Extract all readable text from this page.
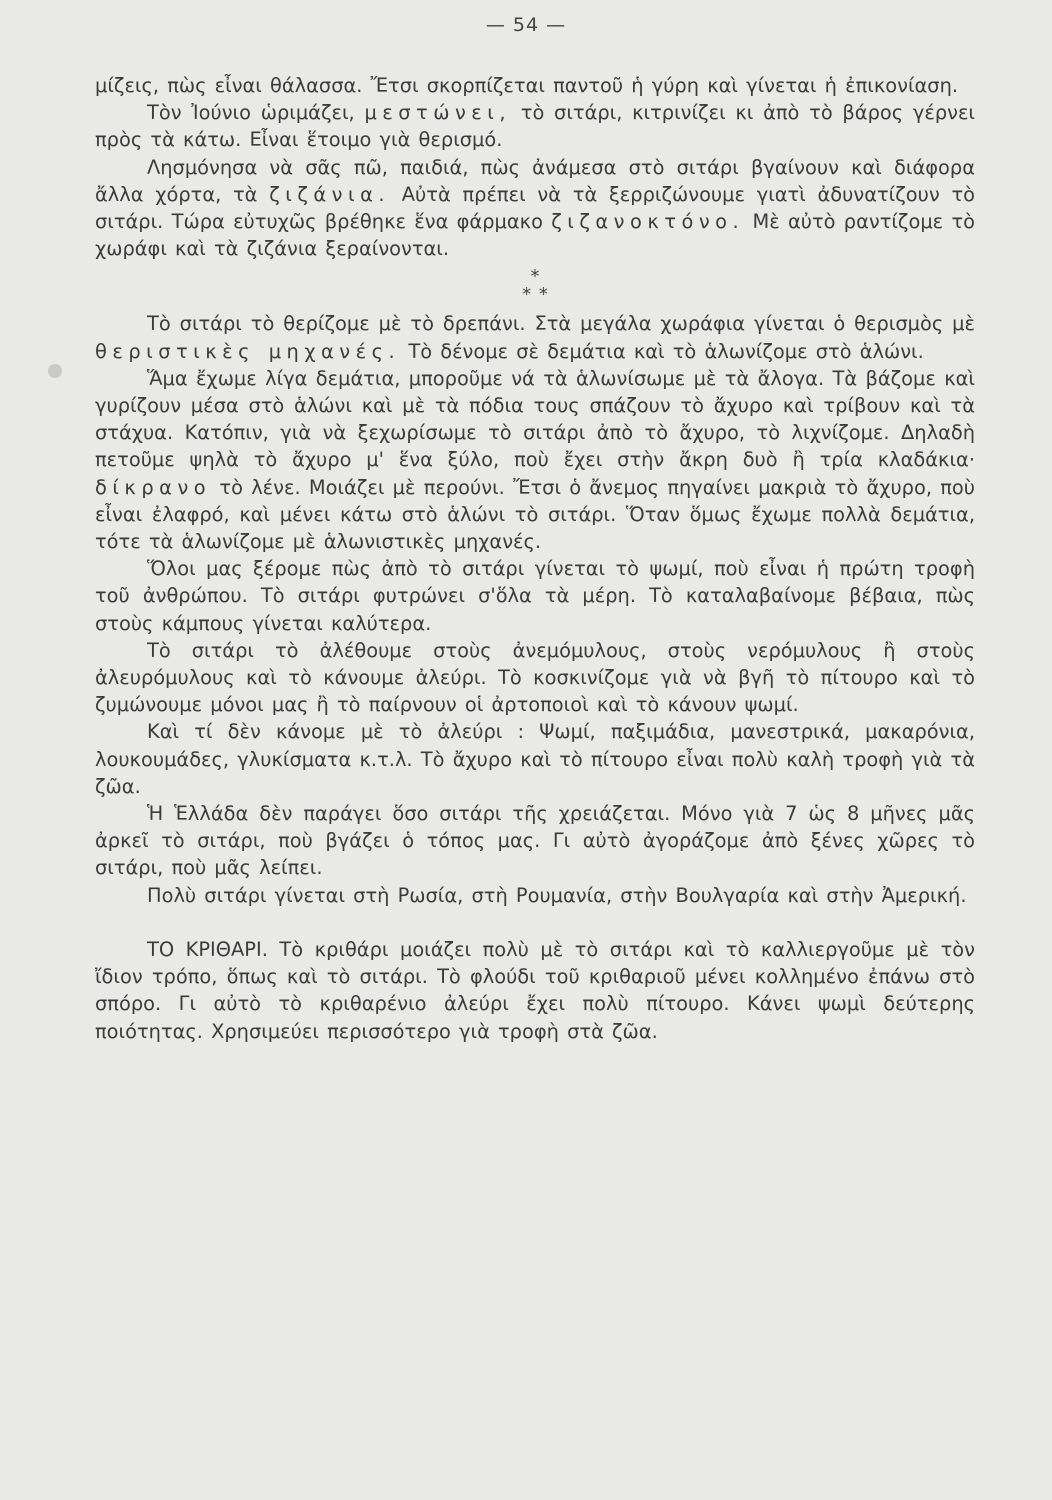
— 54 —

μίζεις, πὼς εἶναι θάλασσα. Ἔτσι σκορπίζεται παντοῦ ἡ γύρη καὶ γίνεται ἡ ἐπικονίαση.

Τὸν Ἰούνιο ὡριμάζει, μεστώνει, τὸ σιτάρι, κιτρινίζει κι ἀπὸ τὸ βάρος γέρνει πρὸς τὰ κάτω. Εἶναι ἕτοιμο γιὰ θερισμό.

Λησμόνησα νὰ σᾶς πῶ, παιδιά, πὼς ἀνάμεσα στὸ σιτάρι βγαίνουν καὶ διάφορα ἄλλα χόρτα, τὰ ζιζάνια. Αὐτὰ πρέπει νὰ τὰ ξερριζώνουμε γιατὶ ἀδυνατίζουν τὸ σιτάρι. Τώρα εὐτυχῶς βρέθηκε ἕνα φάρμακο ζιζανοκτόνο. Μὲ αὐτὸ ραντίζομε τὸ χωράφι καὶ τὰ ζιζάνια ξεραίνονται.

*
* *

Τὸ σιτάρι τὸ θερίζομε μὲ τὸ δρεπάνι. Στὰ μεγάλα χωράφια γίνεται ὁ θερισμὸς μὲ θεριστικὲς μηχανές. Τὸ δένομε σὲ δεμάτια καὶ τὸ ἁλωνίζομε στὸ ἁλώνι.

Ἅμα ἔχωμε λίγα δεμάτια, μποροῦμε νά τὰ ἁλωνίσωμε μὲ τὰ ἄλογα. Τὰ βάζομε καὶ γυρίζουν μέσα στὸ ἁλώνι καὶ μὲ τὰ πόδια τους σπάζουν τὸ ἄχυρο καὶ τρίβουν καὶ τὰ στάχυα. Κατόπιν, γιὰ νὰ ξεχωρίσωμε τὸ σιτάρι ἀπὸ τὸ ἄχυρο, τὸ λιχνίζομε. Δηλαδὴ πετοῦμε ψηλὰ τὸ ἄχυρο μ' ἕνα ξύλο, ποὺ ἔχει στὴν ἄκρη δυὸ ἢ τρία κλαδάκια· δίκρανο τὸ λένε. Μοιάζει μὲ περούνι. Ἔτσι ὁ ἄνεμος πηγαίνει μακριὰ τὸ ἄχυρο, ποὺ εἶναι ἐλαφρό, καὶ μένει κάτω στὸ ἁλώνι τὸ σιτάρι. Ὅταν ὅμως ἔχωμε πολλὰ δεμάτια, τότε τὰ ἁλωνίζομε μὲ ἁλωνιστικὲς μηχανές.

Ὅλοι μας ξέρομε πὼς ἀπὸ τὸ σιτάρι γίνεται τὸ ψωμί, ποὺ εἶναι ἡ πρώτη τροφὴ τοῦ ἀνθρώπου. Τὸ σιτάρι φυτρώνει σ'ὅλα τὰ μέρη. Τὸ καταλαβαίνομε βέβαια, πὼς στοὺς κάμπους γίνεται καλύτερα.

Τὸ σιτάρι τὸ ἀλέθουμε στοὺς ἀνεμόμυλους, στοὺς νερόμυλους ἢ στοὺς ἀλευρόμυλους καὶ τὸ κάνουμε ἀλεύρι. Τὸ κοσκινίζομε γιὰ νὰ βγῆ τὸ πίτουρο καὶ τὸ ζυμώνουμε μόνοι μας ἢ τὸ παίρνουν οἱ ἀρτοποιοὶ καὶ τὸ κάνουν ψωμί.

Καὶ τί δὲν κάνομε μὲ τὸ ἀλεύρι : Ψωμί, παξιμάδια, μανεστρικά, μακαρόνια, λουκουμάδες, γλυκίσματα κ.τ.λ. Τὸ ἄχυρο καὶ τὸ πίτουρο εἶναι πολὺ καλὴ τροφὴ γιὰ τὰ ζῶα.

Ἡ Ἑλλάδα δὲν παράγει ὅσο σιτάρι τῆς χρειάζεται. Μόνο γιὰ 7 ὡς 8 μῆνες μᾶς ἀρκεῖ τὸ σιτάρι, ποὺ βγάζει ὁ τόπος μας. Γι αὐτὸ ἀγοράζομε ἀπὸ ξένες χῶρες τὸ σιτάρι, ποὺ μᾶς λείπει.

Πολὺ σιτάρι γίνεται στὴ Ρωσία, στὴ Ρουμανία, στὴν Βουλγαρία καὶ στὴν Ἀμερική.

ΤΟ ΚΡΙΘΑΡΙ. Τὸ κριθάρι μοιάζει πολὺ μὲ τὸ σιτάρι καὶ τὸ καλλιεργοῦμε μὲ τὸν ἴδιον τρόπο, ὅπως καὶ τὸ σιτάρι. Τὸ φλούδι τοῦ κριθαριοῦ μένει κολλημένο ἐπάνω στὸ σπόρο. Γι αὐτὸ τὸ κριθαρένιο ἀλεύρι ἔχει πολὺ πίτουρο. Κάνει ψωμὶ δεύτερης ποιότητας. Χρησιμεύει περισσότερο γιὰ τροφὴ στὰ ζῶα.
